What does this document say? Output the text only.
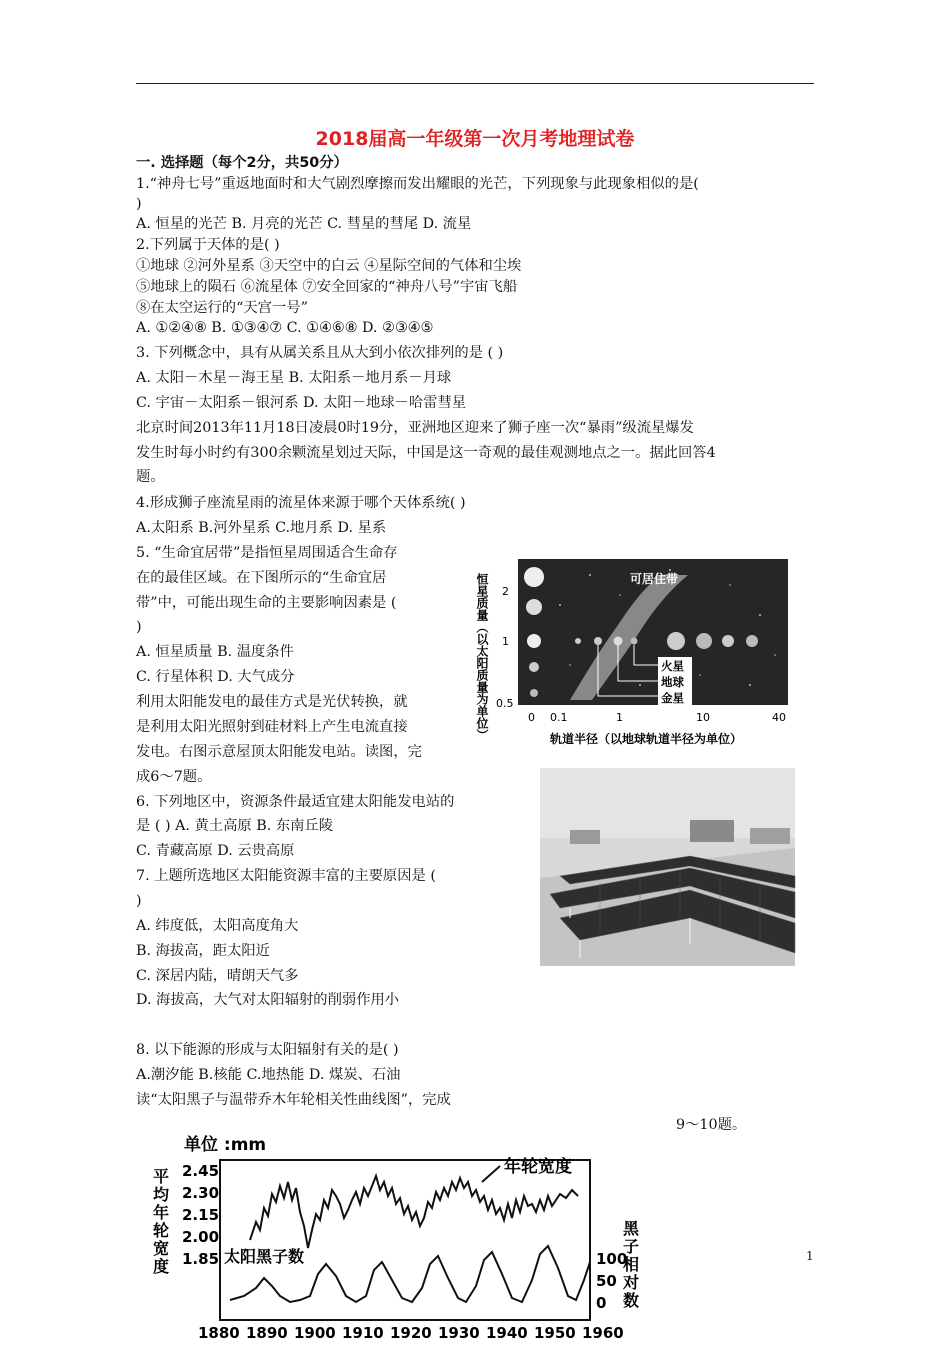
2018届高一年级第一次月考地理试卷
一. 选择题（每个2分，共50分）
1.“神舟七号”重返地面时和大气剧烈摩擦而发出耀眼的光芒，下列现象与此现象相似的是(
)
A. 恒星的光芒 B. 月亮的光芒 C. 彗星的彗尾 D. 流星
2.下列属于天体的是( )
①地球 ②河外星系 ③天空中的白云 ④星际空间的气体和尘埃
⑤地球上的陨石 ⑥流星体 ⑦安全回家的“神舟八号”宇宙飞船
⑧在太空运行的“天宫一号”
A. ①②④⑧ B. ①③④⑦ C. ①④⑥⑧ D. ②③④⑤
3. 下列概念中，具有从属关系且从大到小依次排列的是 ( )
A. 太阳－木星－海王星 B. 太阳系－地月系－月球
C. 宇宙－太阳系－银河系 D. 太阳－地球－哈雷彗星
北京时间2013年11月18日凌晨0时19分，亚洲地区迎来了狮子座一次“暴雨”级流星爆发
发生时每小时约有300余颗流星划过天际，中国是这一奇观的最佳观测地点之一。据此回答4
题。
4.形成狮子座流星雨的流星体来源于哪个天体系统( )
A.太阳系 B.河外星系 C.地月系 D. 星系
5. “生命宜居带”是指恒星周围适合生命存
在的最佳区域。在下图所示的“生命宜居
带”中，可能出现生命的主要影响因素是 (
)
A. 恒星质量 B. 温度条件
C. 行星体积 D. 大气成分
利用太阳能发电的最佳方式是光伏转换，就
是利用太阳光照射到硅材料上产生电流直接
发电。右图示意屋顶太阳能发电站。读图，完
成6～7题。
6. 下列地区中，资源条件最适宜建太阳能发电站的
是 ( ) A. 黄土高原 B. 东南丘陵
C. 青藏高原 D. 云贵高原
7. 上题所选地区太阳能资源丰富的主要原因是 (
)
A. 纬度低，太阳高度角大
B. 海拔高，距太阳近
C. 深居内陆，晴朗天气多
D. 海拔高，大气对太阳辐射的削弱作用小
8. 以下能源的形成与太阳辐射有关的是( )
A.潮汐能 B.核能 C.地热能 D. 煤炭、石油
读“太阳黑子与温带乔木年轮相关性曲线图”，完成
9～10题。
恒星质量（以太阳质量为单位）	可居住带
火星
地球
金星
2
1
0.5
0 0.1	1	10	40
轨道半径（以地球轨道半径为单位）
单位 :mm
平均年轮宽度 2.45
2.30
2.15
2.00
1.85
年轮宽度
太阳黑子数	100
50
0 黑子相对数
1880 1890 1900 1910 1920 1930 1940 1950 1960
1
